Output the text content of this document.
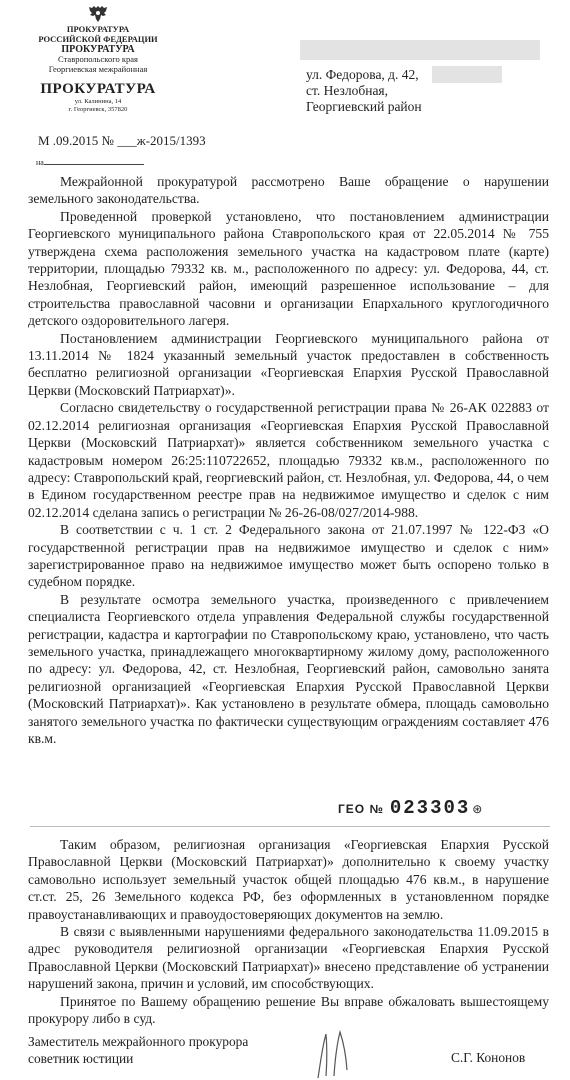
ПРОКУРАТУРА
РОССИЙСКОЙ ФЕДЕРАЦИИ
ПРОКУРАТУРА
Ставропольского края
Георгиевская межрайонная
ПРОКУРАТУРА
ул. Калинина, 14
г. Георгиевск, 357820
М .09.2015 № ___ж-2015/1393
на
ул. Федорова, д. 42,
ст. Незлобная,
Георгиевский район

Межрайонной прокуратурой рассмотрено Ваше обращение о нарушении земельного законодательства.

Проведенной проверкой установлено, что постановлением администрации Георгиевского муниципального района Ставропольского края от 22.05.2014 № 755 утверждена схема расположения земельного участка на кадастровом плате (карте) территории, площадью 79332 кв. м., расположенного по адресу: ул. Федорова, 44, ст. Незлобная, Георгиевский район, имеющий разрешенное использование – для строительства православной часовни и организации Епархального круглогодичного детского оздоровительного лагеря.

Постановлением администрации Георгиевского муниципального района от 13.11.2014 № 1824 указанный земельный участок предоставлен в собственность бесплатно религиозной организации «Георгиевская Епархия Русской Православной Церкви (Московский Патриархат)».

Согласно свидетельству о государственной регистрации права № 26-АК 022883 от 02.12.2014 религиозная организация «Георгиевская Епархия Русской Православной Церкви (Московский Патриархат)» является собственником земельного участка с кадастровым номером 26:25:110722652, площадью 79332 кв.м., расположенного по адресу: Ставропольский край, георгиевский район, ст. Незлобная, ул. Федорова, 44, о чем в Едином государственном реестре прав на недвижимое имущество и сделок с ним 02.12.2014 сделана запись о регистрации № 26-26-08/027/2014-988.

В соответствии с ч. 1 ст. 2 Федерального закона от 21.07.1997 № 122-ФЗ «О государственной регистрации прав на недвижимое имущество и сделок с ним» зарегистрированное право на недвижимое имущество может быть оспорено только в судебном порядке.

В результате осмотра земельного участка, произведенного с привлечением специалиста Георгиевского отдела управления Федеральной службы государственной регистрации, кадастра и картографии по Ставропольскому краю, установлено, что часть земельного участка, принадлежащего многоквартирному жилому дому, расположенного по адресу: ул. Федорова, 42, ст. Незлобная, Георгиевский район, самовольно занята религиозной организацией «Георгиевская Епархия Русской Православной Церкви (Московский Патриархат)». Как установлено в результате обмера, площадь самовольно занятого земельного участка по фактически существующим ограждениям составляет 476 кв.м.

ГЕО № 023303 ⊛

Таким образом, религиозная организация «Георгиевская Епархия Русской Православной Церкви (Московский Патриархат)» дополнительно к своему участку самовольно использует земельный участок общей площадью 476 кв.м., в нарушение ст.ст. 25, 26 Земельного кодекса РФ, без оформленных в установленном порядке правоустанавливающих и правоудостоверяющих документов на землю.

В связи с выявленными нарушениями федерального законодательства 11.09.2015 в адрес руководителя религиозной организации «Георгиевская Епархия Русской Православной Церкви (Московский Патриархат)» внесено представление об устранении нарушений закона, причин и условий, им способствующих.

Принятое по Вашему обращению решение Вы вправе обжаловать вышестоящему прокурору либо в суд.

Заместитель межрайонного прокурора
советник юстиции	С.Г. Кононов
